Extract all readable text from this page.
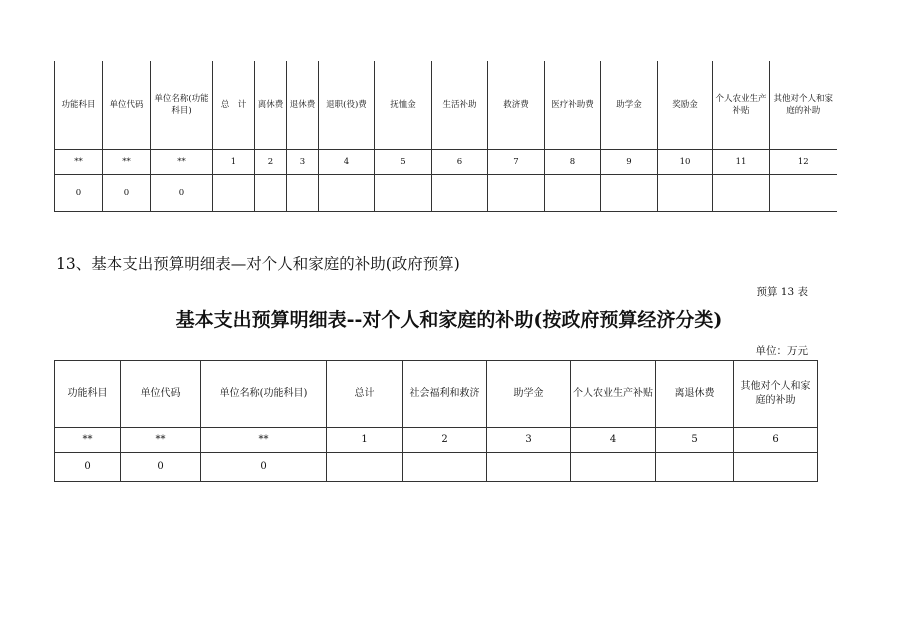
功能科目	单位代码	单位名称(功能科目)	总　计	离休费	退休费	退职(役)费	抚恤金	生活补助	救济费	医疗补助费	助学金	奖励金	个人农业生产补贴	其他对个人和家庭的补助
**	**	**	1	2	3	4	5	6	7	8	9	10	11	12
0	0	0												
13、基本支出预算明细表—对个人和家庭的补助(政府预算)
预算 13 表
基本支出预算明细表--对个人和家庭的补助(按政府预算经济分类)
单位：万元
功能科目	单位代码	单位名称(功能科目)	总计	社会福利和救济	助学金	个人农业生产补贴	离退休费	其他对个人和家庭的补助
**	**	**	1	2	3	4	5	6
0	0	0						
